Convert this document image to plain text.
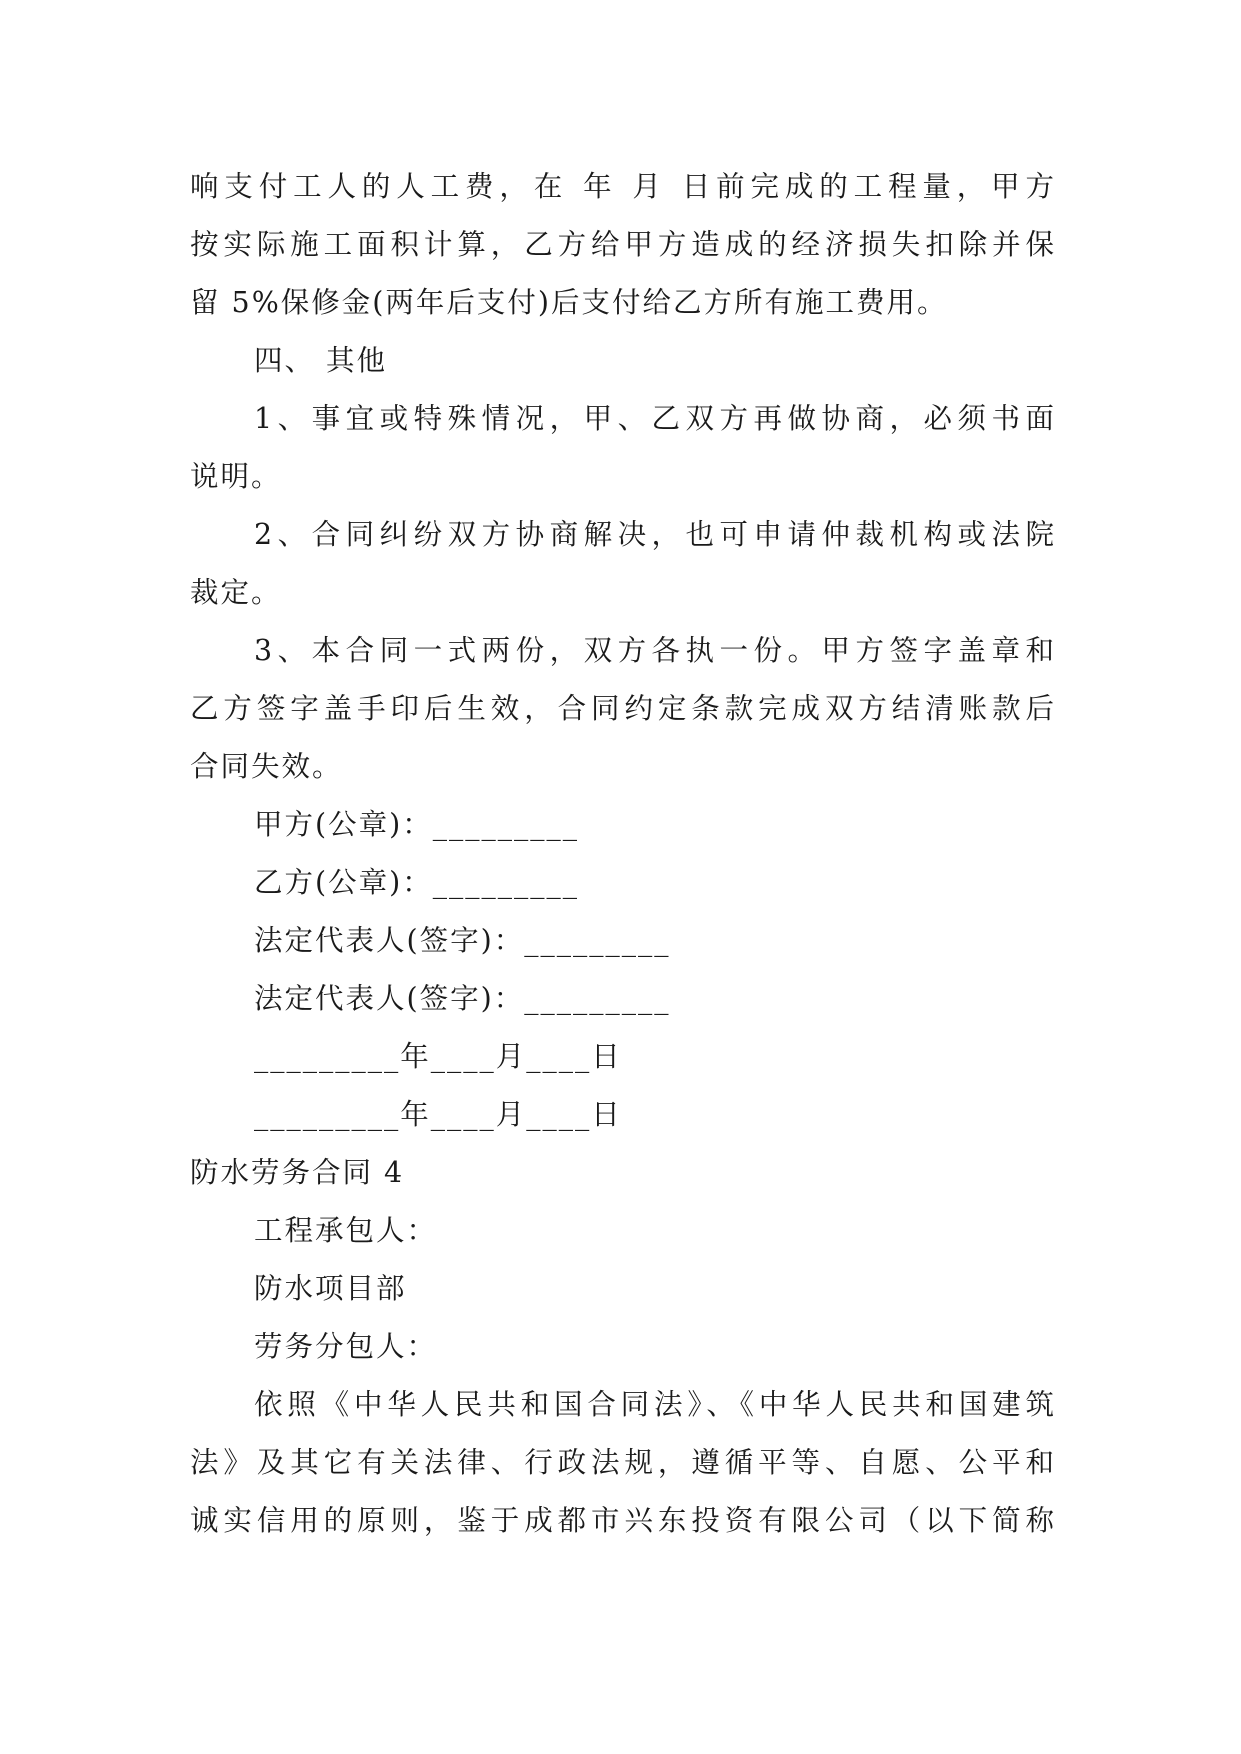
响支付工人的人工费，在 年 月 日前完成的工程量，甲方
按实际施工面积计算，乙方给甲方造成的经济损失扣除并保
留 5%保修金(两年后支付)后支付给乙方所有施工费用。
四、 其他
1、事宜或特殊情况，甲、乙双方再做协商，必须书面
说明。
2、合同纠纷双方协商解决，也可申请仲裁机构或法院
裁定。
3、本合同一式两份，双方各执一份。甲方签字盖章和
乙方签字盖手印后生效，合同约定条款完成双方结清账款后
合同失效。
甲方(公章)：_________
乙方(公章)：_________
法定代表人(签字)：_________
法定代表人(签字)：_________
_________年____月____日
_________年____月____日
防水劳务合同 4
工程承包人：
防水项目部
劳务分包人：
依照《中华人民共和国合同法》、《中华人民共和国建筑
法》及其它有关法律、行政法规，遵循平等、自愿、公平和
诚实信用的原则，鉴于成都市兴东投资有限公司（以下简称
